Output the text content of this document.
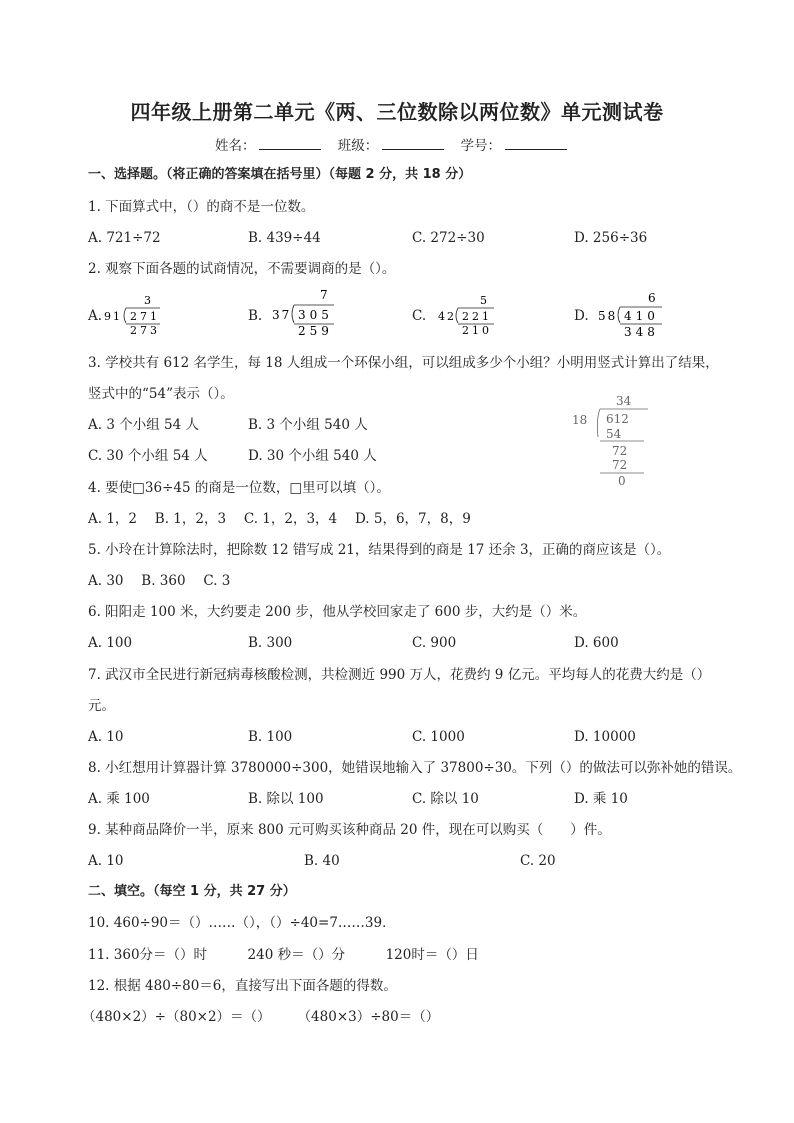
四年级上册第二单元《两、三位数除以两位数》单元测试卷
姓名：	班级：	学号：
一、选择题。（将正确的答案填在括号里）（每题 2 分，共 18 分）
1. 下面算式中，（）的商不是一位数。
A. 721÷72	B. 439÷44	C. 272÷30	D. 256÷36
2. 观察下面各题的试商情况，不需要调商的是（）。
A.	B.	C.	D.
3
91 271
273
7
37 305
259
5
42 221
210
6
58 410
348
3. 学校共有 612 名学生，每 18 人组成一个环保小组，可以组成多少个小组？小明用竖式计算出了结果，
竖式中的“54”表示（）。
A. 3 个小组 54 人	B. 3 个小组 540 人
C. 30 个小组 54 人	D. 30 个小组 540 人
34
18 612
54
72
72
0
4. 要使□36÷45 的商是一位数，□里可以填（）。
A. 1，2　 B. 1，2，3　 C. 1，2，3，4　 D. 5，6，7，8，9
5. 小玲在计算除法时，把除数 12 错写成 21，结果得到的商是 17 还余 3，正确的商应该是（）。
A. 30　 B. 360　 C. 3
6. 阳阳走 100 米，大约要走 200 步，他从学校回家走了 600 步，大约是（）米。
A. 100	B. 300	C. 900	D. 600
7. 武汉市全民进行新冠病毒核酸检测，共检测近 990 万人，花费约 9 亿元。平均每人的花费大约是（）
元。
A. 10	B. 100	C. 1000	D. 10000
8. 小红想用计算器计算 3780000÷300，她错误地输入了 37800÷30。下列（）的做法可以弥补她的错误。
A. 乘 100	B. 除以 100	C. 除以 10	D. 乘 10
9. 某种商品降价一半，原来 800 元可购买该种商品 20 件，现在可以购买（　　）件。
A. 10	B. 40	C. 20
二、填空。（每空 1 分，共 27 分）
10. 460÷90＝（）……（），（）÷40=7……39．
11. 360分＝（）时　　　240 秒＝（）分　　　120时＝（）日
12. 根据 480÷80＝6，直接写出下面各题的得数。
（480×2）÷（80×2）＝（）　　　（480×3）÷80＝（）
